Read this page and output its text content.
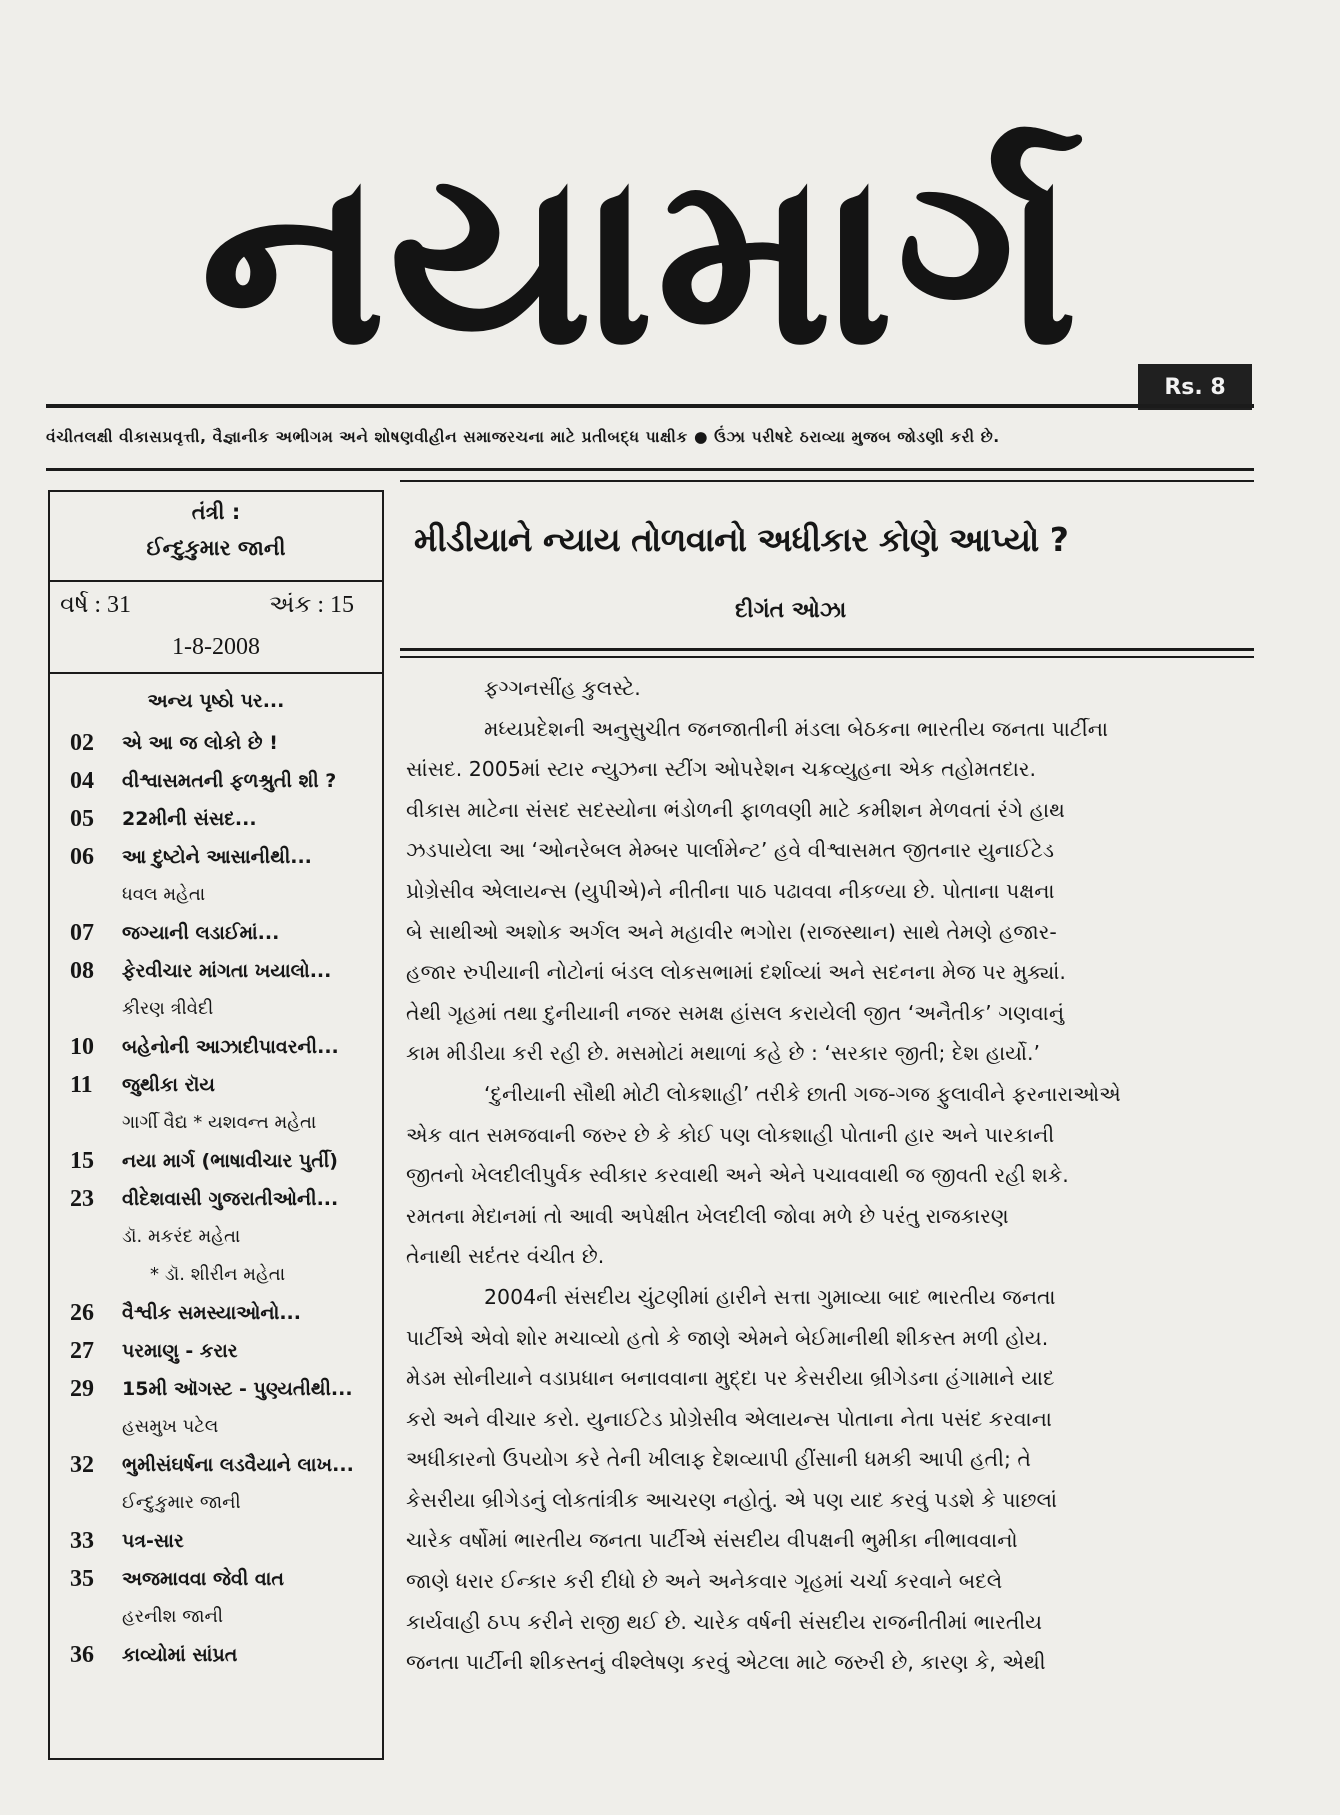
નયામાર્ગ	Rs. 8
વંચીતલક્ષી વીકાસપ્રવૃત્તી, વૈજ્ઞાનીક અભીગમ અને શોષણવીહીન સમાજરચના માટે પ્રતીબદ્ધ પાક્ષીક ● ઉંઝા પરીષદે ઠરાવ્યા મુજબ જોડણી કરી છે.
તંત્રી :
ઈન્દુકુમાર જાની
વર્ષ : 31	અંક : 15
1-8-2008
અન્ય પૃષ્ઠો પર...
02 એ આ જ લોકો છે !
04 વીશ્વાસમતની ફળશ્રુતી શી ?
05 22મીની સંસદ...
06 આ દુષ્ટોને આસાનીથી...
ધવલ મહેતા
07 જગ્યાની લડાઈમાં...
08 ફેરવીચાર માંગતા ખયાલો...
કીરણ ત્રીવેદી
10 બહેનોની આઝાદીપાવરની...
11 જુથીકા રૉય
ગાર્ગી વૈદ્ય * યશવન્ત મહેતા
15 નયા માર્ગ (ભાષાવીચાર પુર્તી)
23 વીદેશવાસી ગુજરાતીઓની...
ડૉ. મકરંદ મહેતા
* ડૉ. શીરીન મહેતા
26 વૈશ્વીક સમસ્યાઓનો...
27 પરમાણુ - કરાર
29 15મી ઑગસ્ટ - પુણ્યતીથી...
હસમુખ પટેલ
32 ભુમીસંઘર્ષના લડવૈયાને લાખ...
ઈન્દુકુમાર જાની
33 પત્ર-સાર
35 અજમાવવા જેવી વાત
હરનીશ જાની
36 કાવ્યોમાં સાંપ્રત
મીડીયાને ન્યાય તોળવાનો અધીકાર કોણે આપ્યો ?
દીગંત ઓઝા
ફગ્ગનસીંહ કુલસ્ટે.
મધ્યપ્રદેશની અનુસુચીત જનજાતીની મંડલા બેઠકના ભારતીય જનતા પાર્ટીના
સાંસદ. 2005માં સ્ટાર ન્યુઝના સ્ટીંગ ઓપરેશન ચક્રવ્યુહના એક તહોમતદાર.
વીકાસ માટેના સંસદ સદસ્યોના ભંડોળની ફાળવણી માટે કમીશન મેળવતાં રંગે હાથ
ઝડપાયેલા આ ‘ઓનરેબલ મેમ્બર પાર્લામેન્ટ’ હવે વીશ્વાસમત જીતનાર યુનાઈટેડ
પ્રોગ્રેસીવ એલાયન્સ (યુપીએ)ને નીતીના પાઠ પઢાવવા નીકળ્યા છે. પોતાના પક્ષના
બે સાથીઓ અશોક અર્ગલ અને મહાવીર ભગોરા (રાજસ્થાન) સાથે તેમણે હજાર-
હજાર રુપીયાની નોટોનાં બંડલ લોકસભામાં દર્શાવ્યાં અને સદનના મેજ પર મુક્યાં.
તેથી ગૃહમાં તથા દુનીયાની નજર સમક્ષ હાંસલ કરાયેલી જીત ‘અનૈતીક’ ગણવાનું
કામ મીડીયા કરી રહી છે. મસમોટાં મથાળાં કહે છે : ‘સરકાર જીતી; દેશ હાર્યો.’
‘દુનીયાની સૌથી મોટી લોકશાહી’ તરીકે છાતી ગજ-ગજ ફુલાવીને ફરનારાઓએ
એક વાત સમજવાની જરુર છે કે કોઈ પણ લોકશાહી પોતાની હાર અને પારકાની
જીતનો ખેલદીલીપુર્વક સ્વીકાર કરવાથી અને એને પચાવવાથી જ જીવતી રહી શકે.
રમતના મેદાનમાં તો આવી અપેક્ષીત ખેલદીલી જોવા મળે છે પરંતુ રાજકારણ
તેનાથી સદંતર વંચીત છે.
2004ની સંસદીય ચુંટણીમાં હારીને સત્તા ગુમાવ્યા બાદ ભારતીય જનતા
પાર્ટીએ એવો શોર મચાવ્યો હતો કે જાણે એમને બેઈમાનીથી શીકસ્ત મળી હોય.
મેડમ સોનીયાને વડાપ્રધાન બનાવવાના મુદ્દા પર કેસરીયા બ્રીગેડના હંગામાને યાદ
કરો અને વીચાર કરો. યુનાઈટેડ પ્રોગ્રેસીવ એલાયન્સ પોતાના નેતા પસંદ કરવાના
અધીકારનો ઉપયોગ કરે તેની ખીલાફ દેશવ્યાપી હીંસાની ધમકી આપી હતી; તે
કેસરીયા બ્રીગેડનું લોકતાંત્રીક આચરણ નહોતું. એ પણ યાદ કરવું પડશે કે પાછલાં
ચારેક વર્ષોમાં ભારતીય જનતા પાર્ટીએ સંસદીય વીપક્ષની ભુમીકા નીભાવવાનો
જાણે ધરાર ઈન્કાર કરી દીધો છે અને અનેકવાર ગૃહમાં ચર્ચા કરવાને બદલે
કાર્યવાહી ઠપ્પ કરીને રાજી થઈ છે. ચારેક વર્ષની સંસદીય રાજનીતીમાં ભારતીય
જનતા પાર્ટીની શીકસ્તનું વીશ્લેષણ કરવું એટલા માટે જરુરી છે, કારણ કે, એથી
